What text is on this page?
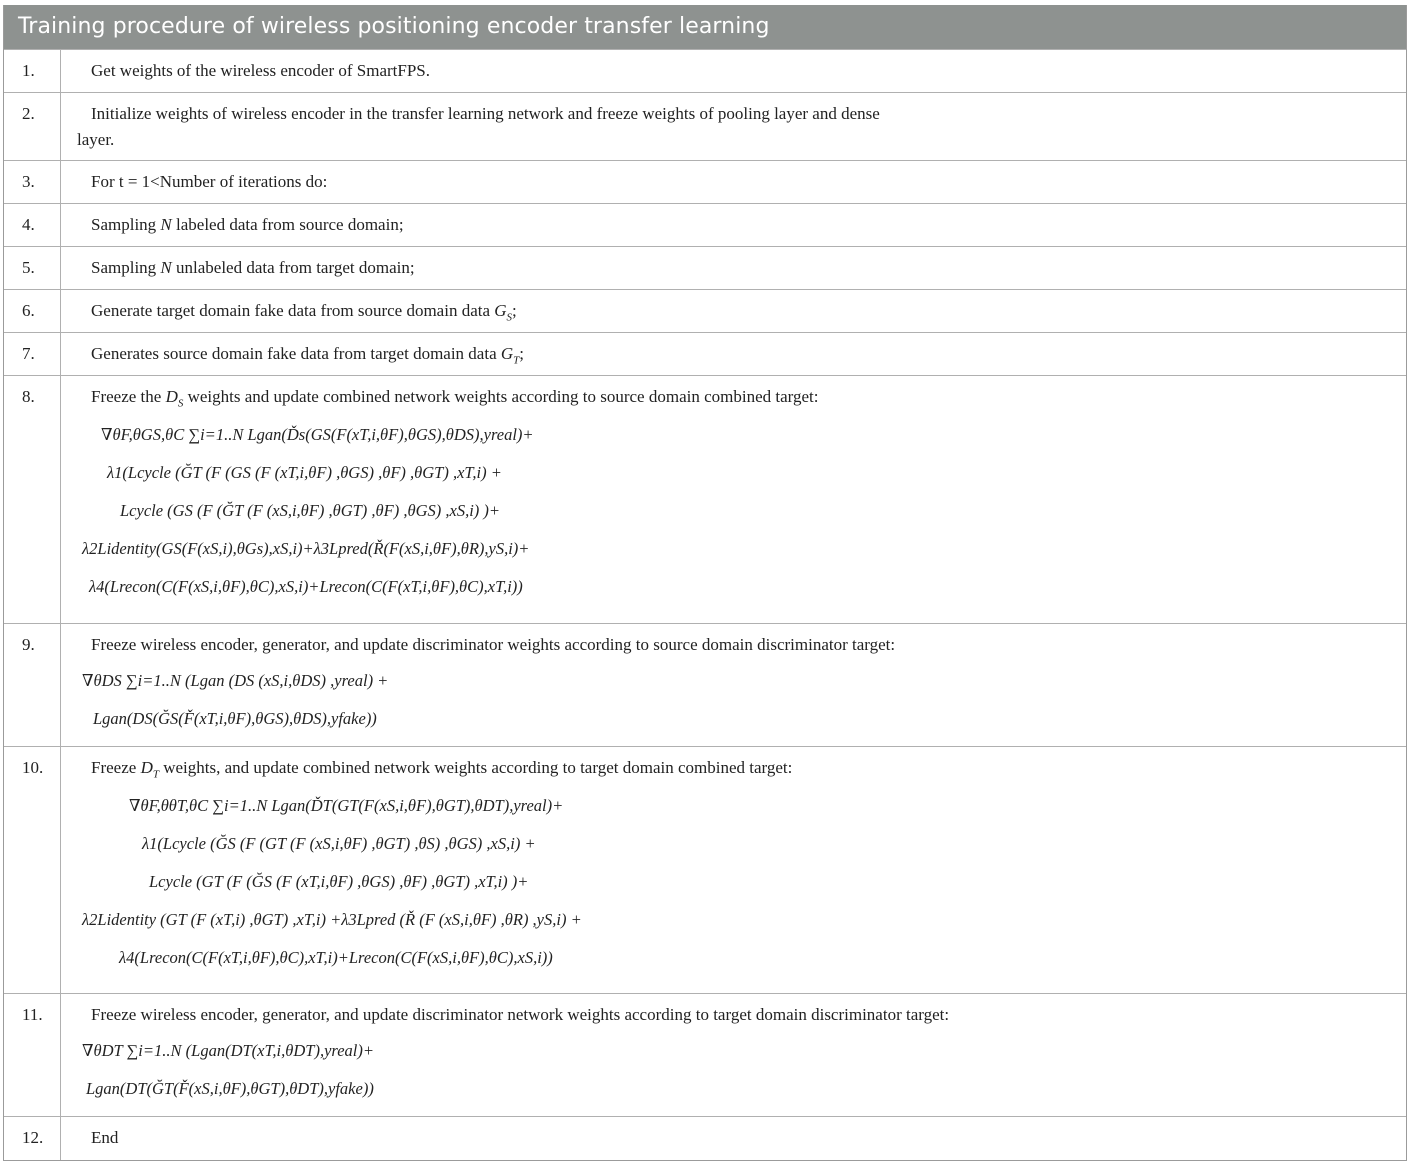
Training procedure of wireless positioning encoder transfer learning
1.	Get weights of the wireless encoder of SmartFPS.
2.	Initialize weights of wireless encoder in the transfer learning network and freeze weights of pooling layer and dense
layer.
3.	For t = 1<Number of iterations do:
4.	Sampling N labeled data from source domain;
5.	Sampling N unlabeled data from target domain;
6.	Generate target domain fake data from source domain data $G_S$;
7.	Generates source domain fake data from target domain data $G_T$;
8.	Freeze the $D_S$ weights and update combined network weights according to source domain combined target:
∇θF,θGS,θC ∑i=1..N Lgan(Ďs(GS(F(xT,i,θF),θGS),θDS),yreal)+
λ1(Lcycle (ĞT (F (GS (F (xT,i,θF) ,θGS) ,θF) ,θGT) ,xT,i) +
Lcycle (GS (F (ĞT (F (xS,i,θF) ,θGT) ,θF) ,θGS) ,xS,i) )+
λ2Lidentity(GS(F(xS,i),θGs),xS,i)+λ3Lpred(Ř(F(xS,i,θF),θR),yS,i)+
λ4(Lrecon(C(F(xS,i,θF),θC),xS,i)+Lrecon(C(F(xT,i,θF),θC),xT,i))
9.	Freeze wireless encoder, generator, and update discriminator weights according to source domain discriminator target:
∇θDS ∑i=1..N (Lgan (DS (xS,i,θDS) ,yreal) +
Lgan(DS(ĞS(F̌(xT,i,θF),θGS),θDS),yfake))
10.	Freeze $D_T$ weights, and update combined network weights according to target domain combined target:
∇θF,θθT,θC ∑i=1..N Lgan(ĎT(GT(F(xS,i,θF),θGT),θDT),yreal)+
λ1(Lcycle (ĞS (F (GT (F (xS,i,θF) ,θGT) ,θS) ,θGS) ,xS,i) +
Lcycle (GT (F (ĞS (F (xT,i,θF) ,θGS) ,θF) ,θGT) ,xT,i) )+
λ2Lidentity (GT (F (xT,i) ,θGT) ,xT,i) +λ3Lpred (Ř (F (xS,i,θF) ,θR) ,yS,i) +
λ4(Lrecon(C(F(xT,i,θF),θC),xT,i)+Lrecon(C(F(xS,i,θF),θC),xS,i))
11.	Freeze wireless encoder, generator, and update discriminator network weights according to target domain discriminator target:
∇θDT ∑i=1..N (Lgan(DT(xT,i,θDT),yreal)+
Lgan(DT(ĞT(F̌(xS,i,θF),θGT),θDT),yfake))
12.	End
